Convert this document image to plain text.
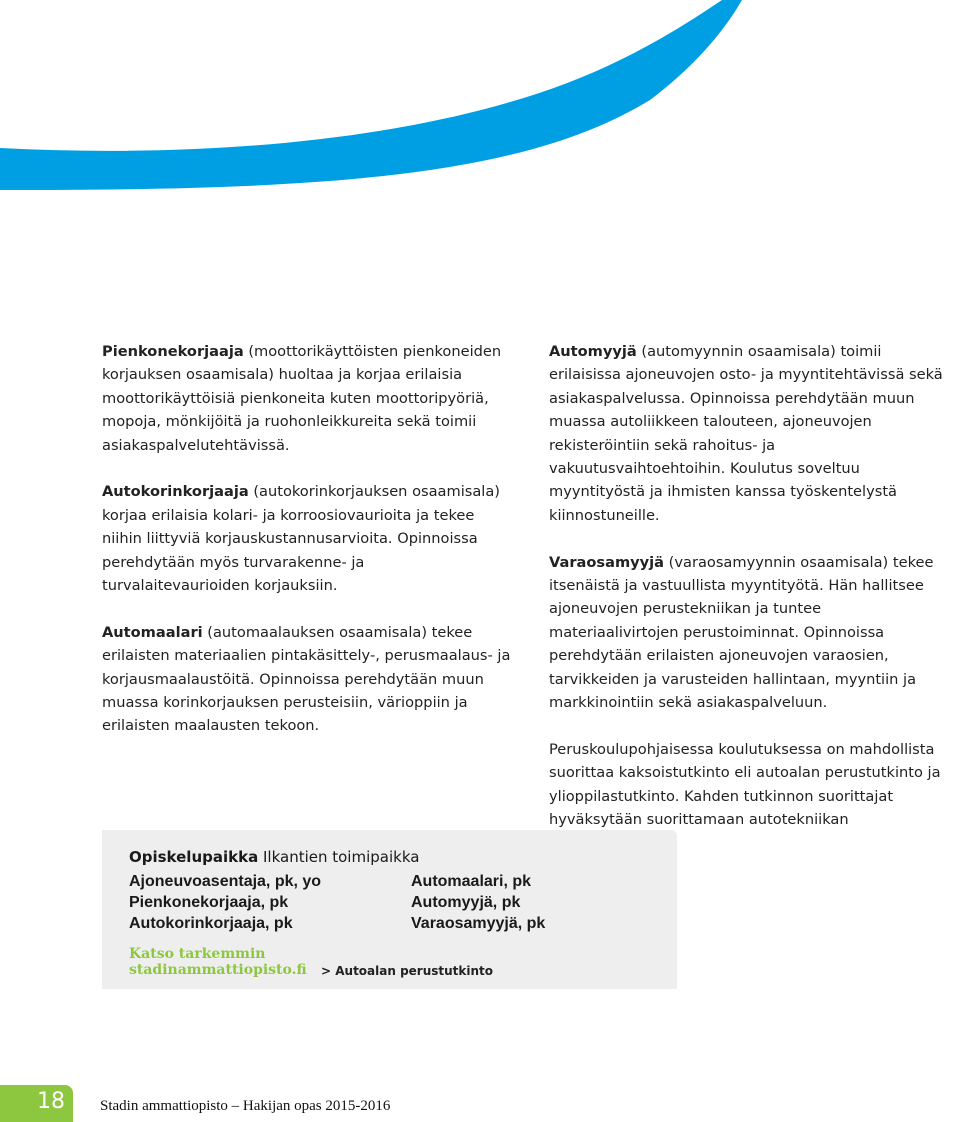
Pienkonekorjaaja (moottorikäyttöisten pienkoneiden korjauksen osaamisala) huoltaa ja korjaa erilaisia moottorikäyttöisiä pienkoneita kuten moottoripyöriä, mopoja, mönkijöitä ja ruohonleikkureita sekä toimii asiakaspalvelutehtävissä.

Autokorinkorjaaja (autokorinkorjauksen osaamisala) korjaa erilaisia kolari- ja korroosiovaurioita ja tekee niihin liittyviä korjauskustannusarvioita. Opinnoissa perehdytään myös turvarakenne- ja turvalaitevaurioiden korjauksiin.

Automaalari (automaalauksen osaamisala) tekee erilaisten materiaalien pintakäsittely-, perusmaalaus- ja korjausmaalaustöitä. Opinnoissa perehdytään muun muassa korinkorjauksen perusteisiin, värioppiin ja erilaisten maalausten tekoon.

Automyyjä (automyynnin osaamisala) toimii erilaisissa ajoneuvojen osto- ja myyntitehtävissä sekä asiakaspalvelussa. Opinnoissa perehdytään muun muassa autoliikkeen talouteen, ajoneuvojen rekisteröintiin sekä rahoitus- ja vakuutusvaihtoehtoihin. Koulutus soveltuu myyntityöstä ja ihmisten kanssa työskentelystä kiinnostuneille.

Varaosamyyjä (varaosamyynnin osaamisala) tekee itsenäistä ja vastuullista myyntityötä. Hän hallitsee ajoneuvojen perustekniikan ja tuntee materiaalivirtojen perustoiminnat. Opinnoissa perehdytään erilaisten ajoneuvojen varaosien, tarvikkeiden ja varusteiden hallintaan, myyntiin ja markkinointiin sekä asiakaspalveluun.

Peruskoulupohjaisessa koulutuksessa on mahdollista suorittaa kaksoistutkinto eli autoalan perustutkinto ja ylioppilastutkinto. Kahden tutkinnon suorittajat hyväksytään suorittamaan autotekniikan

Opiskelupaikka Ilkantien toimipaikka
Ajoneuvoasentaja, pk, yo
Pienkonekorjaaja, pk
Autokorinkorjaaja, pk
Automaalari, pk
Automyyjä, pk
Varaosamyyjä, pk
Katso tarkemmin
stadinammattiopisto.fi > Autoalan perustutkinto
18 Stadin ammattiopisto – Hakijan opas 2015-2016
